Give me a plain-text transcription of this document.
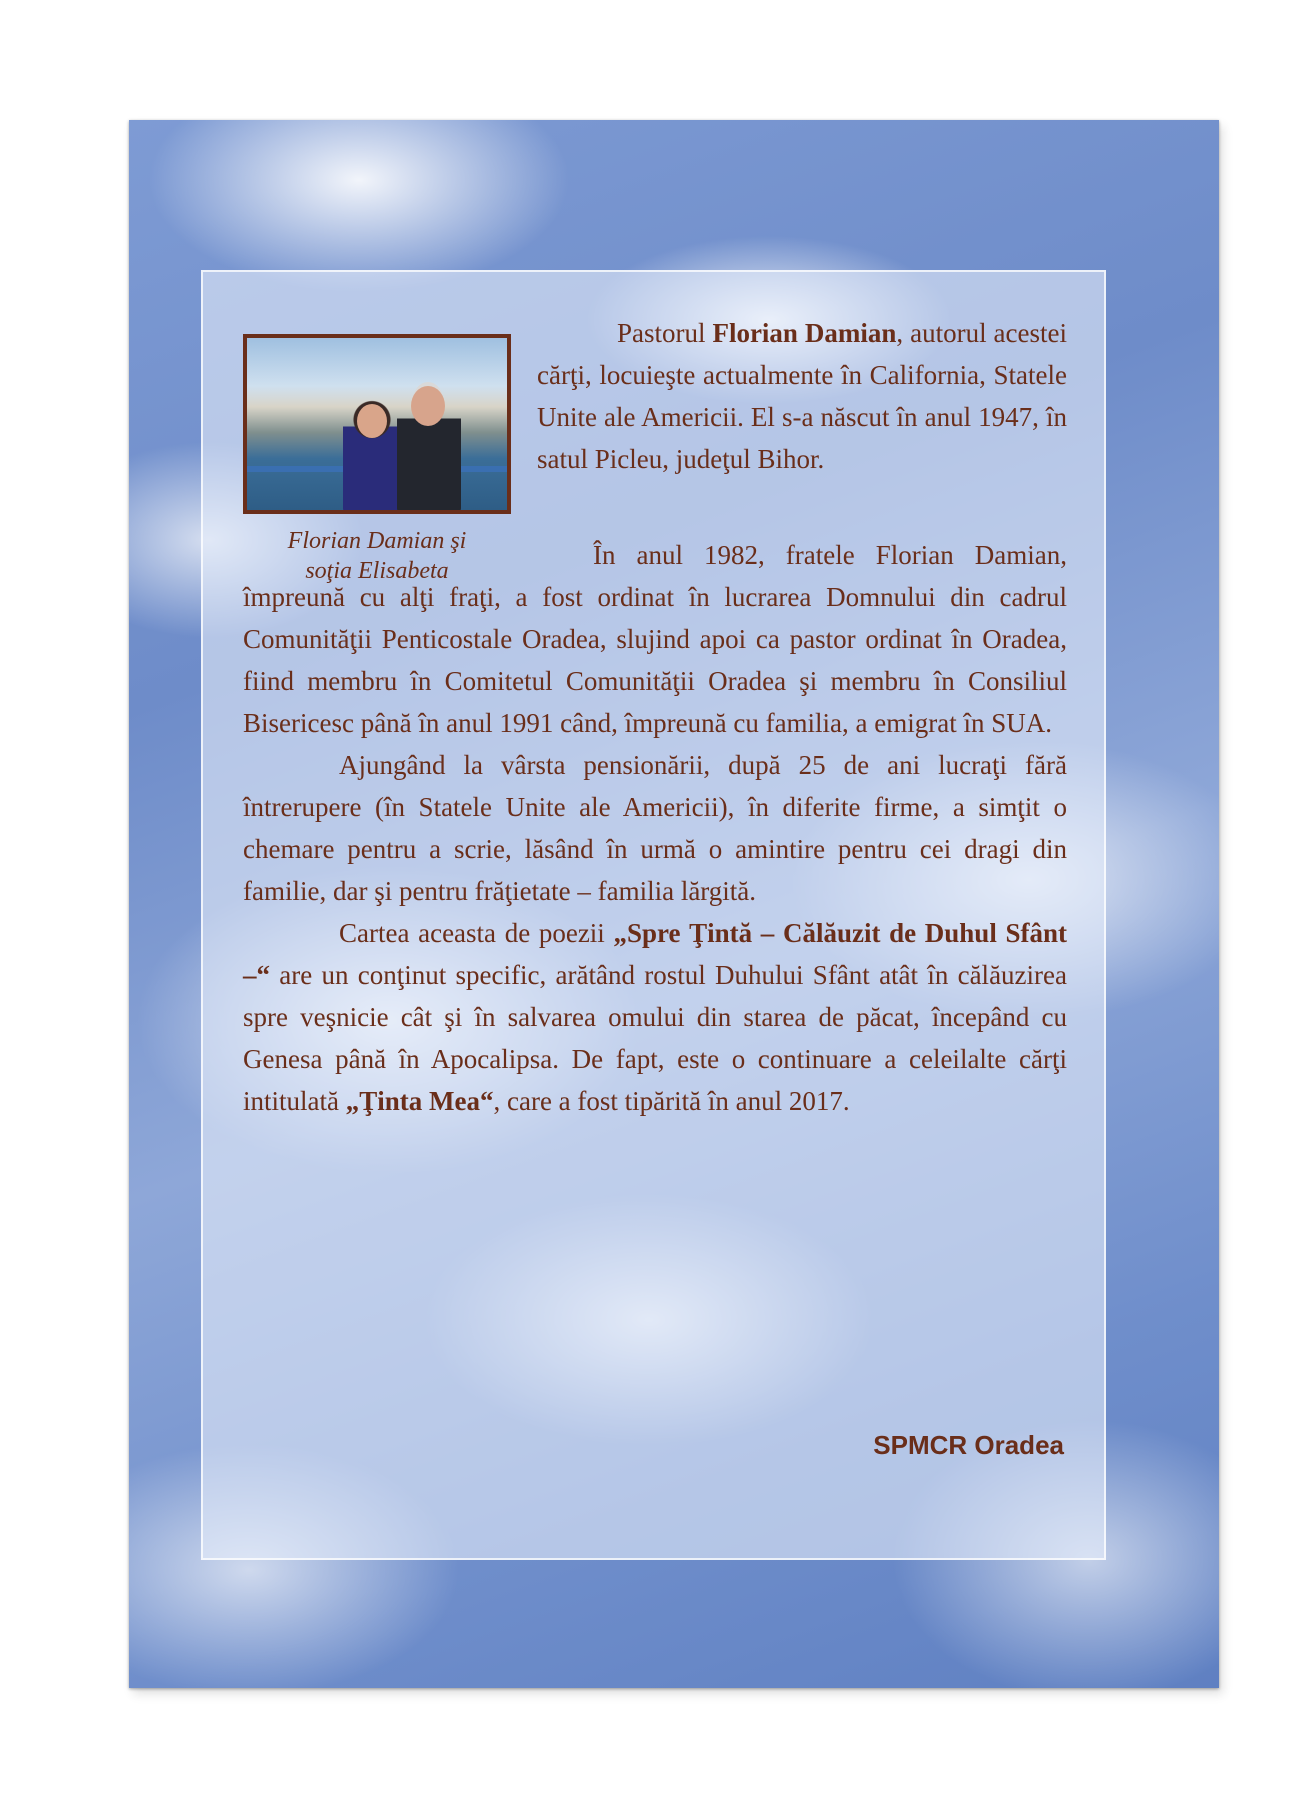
Florian Damian şi
soţia Elisabeta

Pastorul Florian Damian, autorul acestei cărţi, locuieşte actualmente în California, Statele Unite ale Americii. El s-a născut în anul 1947, în satul Picleu, judeţul Bihor.

În anul 1982, fratele Florian Damian, împreună cu alţi fraţi, a fost ordinat în lucrarea Domnului din cadrul Comunităţii Penticostale Oradea, slujind apoi ca pastor ordinat în Oradea, fiind membru în Comitetul Comunităţii Oradea şi membru în Consiliul Bisericesc până în anul 1991 când, împreună cu familia, a emigrat în SUA.

Ajungând la vârsta pensionării, după 25 de ani lucraţi fără întrerupere (în Statele Unite ale Americii), în diferite firme, a simţit o chemare pentru a scrie, lăsând în urmă o amintire pentru cei dragi din familie, dar şi pentru frăţietate – familia lărgită.

Cartea aceasta de poezii „Spre Ţintă – Călăuzit de Duhul Sfânt –“ are un conţinut specific, arătând rostul Duhului Sfânt atât în călăuzirea spre veşnicie cât şi în salvarea omului din starea de păcat, începând cu Genesa până în Apocalipsa. De fapt, este o continuare a celeilalte cărţi intitulată „Ţinta Mea“, care a fost tipărită în anul 2017.

SPMCR Oradea
